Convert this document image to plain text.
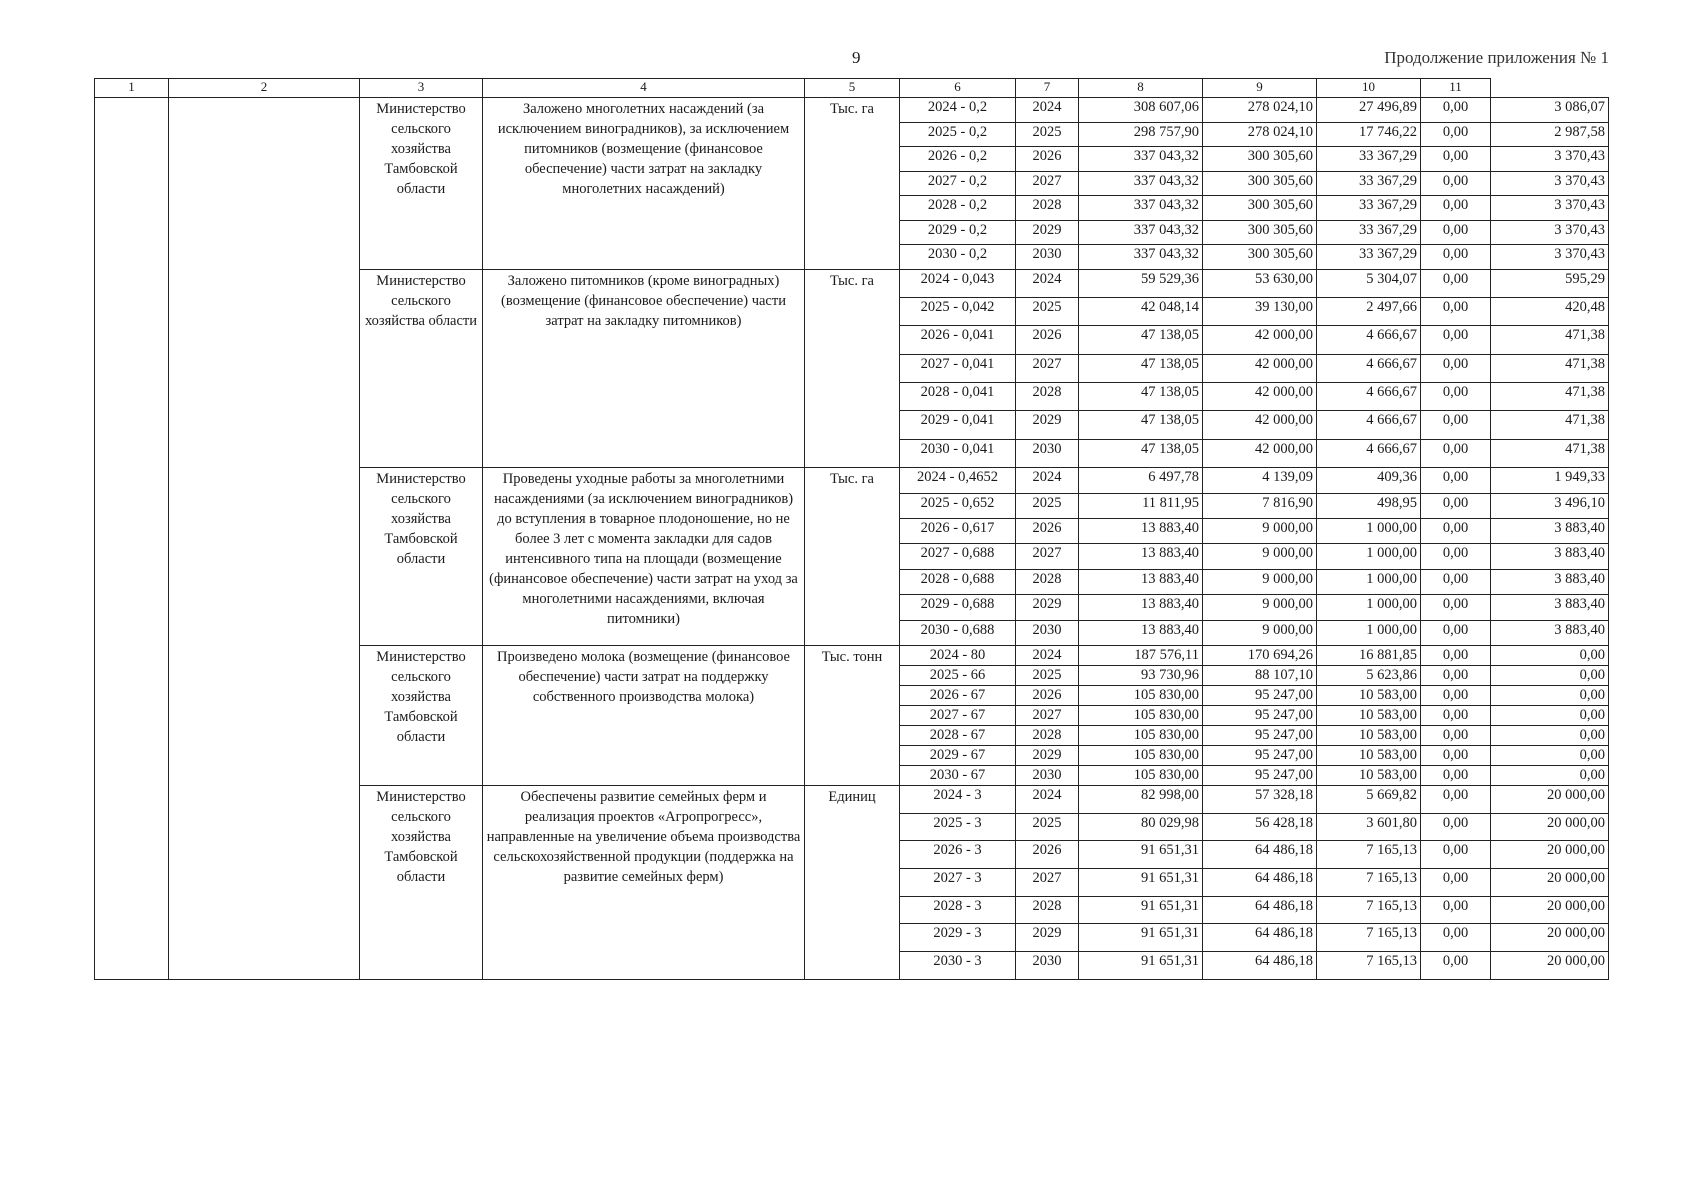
9	Продолжение приложения № 1
1	2	3	4	5	6	7	8	9	10	11	
		Министерство сельского хозяйства Тамбовской области	Заложено многолетних насаждений (за исключением виноградников), за исключением питомников (возмещение (финансовое обеспечение) части затрат на закладку многолетних насаждений)	Тыс. га	2024 - 0,2	2024	308 607,06	278 024,10	27 496,89	0,00	3 086,07
					2025 - 0,2	2025	298 757,90	278 024,10	17 746,22	0,00	2 987,58
					2026 - 0,2	2026	337 043,32	300 305,60	33 367,29	0,00	3 370,43
					2027 - 0,2	2027	337 043,32	300 305,60	33 367,29	0,00	3 370,43
					2028 - 0,2	2028	337 043,32	300 305,60	33 367,29	0,00	3 370,43
					2029 - 0,2	2029	337 043,32	300 305,60	33 367,29	0,00	3 370,43
					2030 - 0,2	2030	337 043,32	300 305,60	33 367,29	0,00	3 370,43
		Министерство сельского хозяйства области	Заложено питомников (кроме виноградных) (возмещение (финансовое обеспечение) части затрат на закладку питомников)	Тыс. га	2024 - 0,043	2024	59 529,36	53 630,00	5 304,07	0,00	595,29
					2025 - 0,042	2025	42 048,14	39 130,00	2 497,66	0,00	420,48
					2026 - 0,041	2026	47 138,05	42 000,00	4 666,67	0,00	471,38
					2027 - 0,041	2027	47 138,05	42 000,00	4 666,67	0,00	471,38
					2028 - 0,041	2028	47 138,05	42 000,00	4 666,67	0,00	471,38
					2029 - 0,041	2029	47 138,05	42 000,00	4 666,67	0,00	471,38
					2030 - 0,041	2030	47 138,05	42 000,00	4 666,67	0,00	471,38
		Министерство сельского хозяйства Тамбовской области	Проведены уходные работы за многолетними насаждениями (за исключением виноградников) до вступления в товарное плодоношение, но не более 3 лет с момента закладки для садов интенсивного типа на площади (возмещение (финансовое обеспечение) части затрат на уход за многолетними насаждениями, включая питомники)	Тыс. га	2024 - 0,4652	2024	6 497,78	4 139,09	409,36	0,00	1 949,33
					2025 - 0,652	2025	11 811,95	7 816,90	498,95	0,00	3 496,10
					2026 - 0,617	2026	13 883,40	9 000,00	1 000,00	0,00	3 883,40
					2027 - 0,688	2027	13 883,40	9 000,00	1 000,00	0,00	3 883,40
					2028 - 0,688	2028	13 883,40	9 000,00	1 000,00	0,00	3 883,40
					2029 - 0,688	2029	13 883,40	9 000,00	1 000,00	0,00	3 883,40
					2030 - 0,688	2030	13 883,40	9 000,00	1 000,00	0,00	3 883,40
		Министерство сельского хозяйства Тамбовской области	Произведено молока (возмещение (финансовое обеспечение) части затрат на поддержку собственного производства молока)	Тыс. тонн	2024 - 80	2024	187 576,11	170 694,26	16 881,85	0,00	0,00
					2025 - 66	2025	93 730,96	88 107,10	5 623,86	0,00	0,00
					2026 - 67	2026	105 830,00	95 247,00	10 583,00	0,00	0,00
					2027 - 67	2027	105 830,00	95 247,00	10 583,00	0,00	0,00
					2028 - 67	2028	105 830,00	95 247,00	10 583,00	0,00	0,00
					2029 - 67	2029	105 830,00	95 247,00	10 583,00	0,00	0,00
					2030 - 67	2030	105 830,00	95 247,00	10 583,00	0,00	0,00
		Министерство сельского хозяйства Тамбовской области	Обеспечены развитие семейных ферм и реализация проектов «Агропрогресс», направленные на увеличение объема производства сельскохозяйственной продукции (поддержка на развитие семейных ферм)	Единиц	2024 - 3	2024	82 998,00	57 328,18	5 669,82	0,00	20 000,00
					2025 - 3	2025	80 029,98	56 428,18	3 601,80	0,00	20 000,00
					2026 - 3	2026	91 651,31	64 486,18	7 165,13	0,00	20 000,00
					2027 - 3	2027	91 651,31	64 486,18	7 165,13	0,00	20 000,00
					2028 - 3	2028	91 651,31	64 486,18	7 165,13	0,00	20 000,00
					2029 - 3	2029	91 651,31	64 486,18	7 165,13	0,00	20 000,00
					2030 - 3	2030	91 651,31	64 486,18	7 165,13	0,00	20 000,00
